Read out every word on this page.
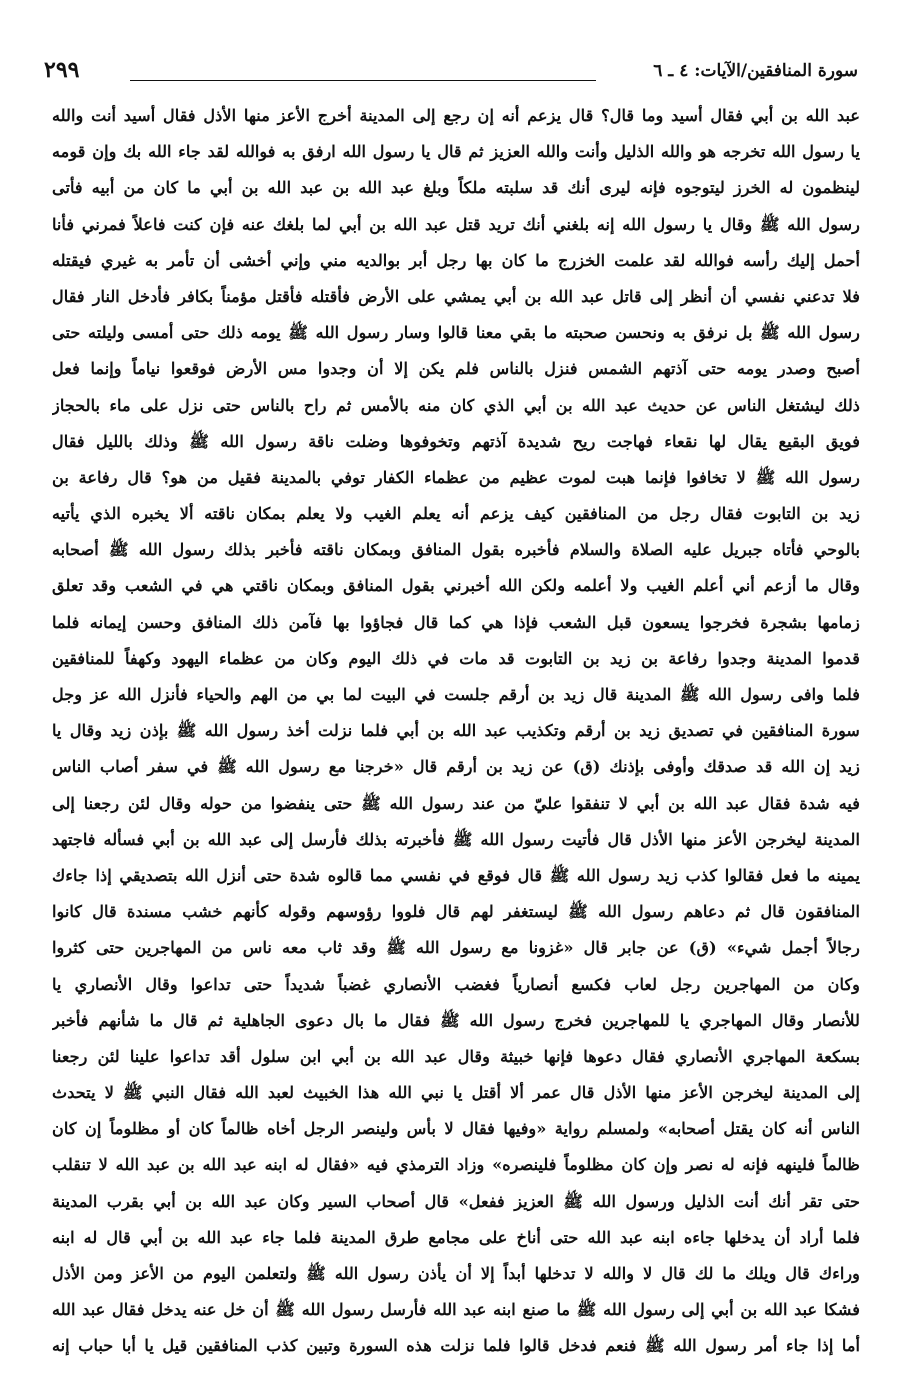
سورة المنافقين/الآيات: ٤ ـ ٦
٢٩٩
عبد الله بن أبي فقال أسيد وما قال؟ قال يزعم أنه إن رجع إلى المدينة أخرج الأعز منها الأذل فقال أسيد أنت والله
يا رسول الله تخرجه هو والله الذليل وأنت والله العزيز ثم قال يا رسول الله ارفق به فوالله لقد جاء الله بك وإن قومه
لينظمون له الخرز ليتوجوه فإنه ليرى أنك قد سلبته ملكاً وبلغ عبد الله بن عبد الله بن أبي ما كان من أبيه فأتى
رسول الله ﷺ وقال يا رسول الله إنه بلغني أنك تريد قتل عبد الله بن أبي لما بلغك عنه فإن كنت فاعلاً فمرني فأنا
أحمل إليك رأسه فوالله لقد علمت الخزرج ما كان بها رجل أبر بوالديه مني وإني أخشى أن تأمر به غيري فيقتله
فلا تدعني نفسي أن أنظر إلى قاتل عبد الله بن أبي يمشي على الأرض فأقتله فأقتل مؤمناً بكافر فأدخل النار فقال
رسول الله ﷺ بل نرفق به ونحسن صحبته ما بقي معنا قالوا وسار رسول الله ﷺ يومه ذلك حتى أمسى وليلته حتى
أصبح وصدر يومه حتى آذتهم الشمس فنزل بالناس فلم يكن إلا أن وجدوا مس الأرض فوقعوا نياماً وإنما فعل
ذلك ليشتغل الناس عن حديث عبد الله بن أبي الذي كان منه بالأمس ثم راح بالناس حتى نزل على ماء بالحجاز
فويق البقيع يقال لها نقعاء فهاجت ريح شديدة آذتهم وتخوفوها وضلت ناقة رسول الله ﷺ وذلك بالليل فقال
رسول الله ﷺ لا تخافوا فإنما هبت لموت عظيم من عظماء الكفار توفي بالمدينة فقيل من هو؟ قال رفاعة بن
زيد بن التابوت فقال رجل من المنافقين كيف يزعم أنه يعلم الغيب ولا يعلم بمكان ناقته ألا يخبره الذي يأتيه
بالوحي فأتاه جبريل عليه الصلاة والسلام فأخبره بقول المنافق وبمكان ناقته فأخبر بذلك رسول الله ﷺ أصحابه
وقال ما أزعم أني أعلم الغيب ولا أعلمه ولكن الله أخبرني بقول المنافق وبمكان ناقتي هي في الشعب وقد تعلق
زمامها بشجرة فخرجوا يسعون قبل الشعب فإذا هي كما قال فجاؤوا بها فآمن ذلك المنافق وحسن إيمانه فلما
قدموا المدينة وجدوا رفاعة بن زيد بن التابوت قد مات في ذلك اليوم وكان من عظماء اليهود وكهفاً للمنافقين
فلما وافى رسول الله ﷺ المدينة قال زيد بن أرقم جلست في البيت لما بي من الهم والحياء فأنزل الله عز وجل
سورة المنافقين في تصديق زيد بن أرقم وتكذيب عبد الله بن أبي فلما نزلت أخذ رسول الله ﷺ بإذن زيد وقال يا
زيد إن الله قد صدقك وأوفى بإذنك (ق) عن زيد بن أرقم قال «خرجنا مع رسول الله ﷺ في سفر أصاب الناس
فيه شدة فقال عبد الله بن أبي لا تنفقوا عليّ من عند رسول الله ﷺ حتى ينفضوا من حوله وقال لئن رجعنا إلى
المدينة ليخرجن الأعز منها الأذل قال فأتيت رسول الله ﷺ فأخبرته بذلك فأرسل إلى عبد الله بن أبي فسأله فاجتهد
يمينه ما فعل فقالوا كذب زيد رسول الله ﷺ قال فوقع في نفسي مما قالوه شدة حتى أنزل الله بتصديقي إذا جاءك
المنافقون قال ثم دعاهم رسول الله ﷺ ليستغفر لهم قال فلووا رؤوسهم وقوله كأنهم خشب مسندة قال كانوا
رجالاً أجمل شيء» (ق) عن جابر قال «غزونا مع رسول الله ﷺ وقد ثاب معه ناس من المهاجرين حتى كثروا
وكان من المهاجرين رجل لعاب فكسع أنصارياً فغضب الأنصاري غضباً شديداً حتى تداعوا وقال الأنصاري يا
للأنصار وقال المهاجري يا للمهاجرين فخرج رسول الله ﷺ فقال ما بال دعوى الجاهلية ثم قال ما شأنهم فأخبر
بسكعة المهاجري الأنصاري فقال دعوها فإنها خبيثة وقال عبد الله بن أبي ابن سلول أقد تداعوا علينا لئن رجعنا
إلى المدينة ليخرجن الأعز منها الأذل قال عمر ألا أقتل يا نبي الله هذا الخبيث لعبد الله فقال النبي ﷺ لا يتحدث
الناس أنه كان يقتل أصحابه» ولمسلم رواية «وفيها فقال لا بأس ولينصر الرجل أخاه ظالماً كان أو مظلوماً إن كان
ظالماً فلينهه فإنه له نصر وإن كان مظلوماً فلينصره» وزاد الترمذي فيه «فقال له ابنه عبد الله بن عبد الله لا تنقلب
حتى تقر أنك أنت الذليل ورسول الله ﷺ العزيز ففعل» قال أصحاب السير وكان عبد الله بن أبي بقرب المدينة
فلما أراد أن يدخلها جاءه ابنه عبد الله حتى أناخ على مجامع طرق المدينة فلما جاء عبد الله بن أبي قال له ابنه
وراءك قال ويلك ما لك قال لا والله لا تدخلها أبداً إلا أن يأذن رسول الله ﷺ ولتعلمن اليوم من الأعز ومن الأذل
فشكا عبد الله بن أبي إلى رسول الله ﷺ ما صنع ابنه عبد الله فأرسل رسول الله ﷺ أن خل عنه يدخل فقال عبد الله
أما إذا جاء أمر رسول الله ﷺ فنعم فدخل قالوا فلما نزلت هذه السورة وتبين كذب المنافقين قيل يا أبا حباب إنه
